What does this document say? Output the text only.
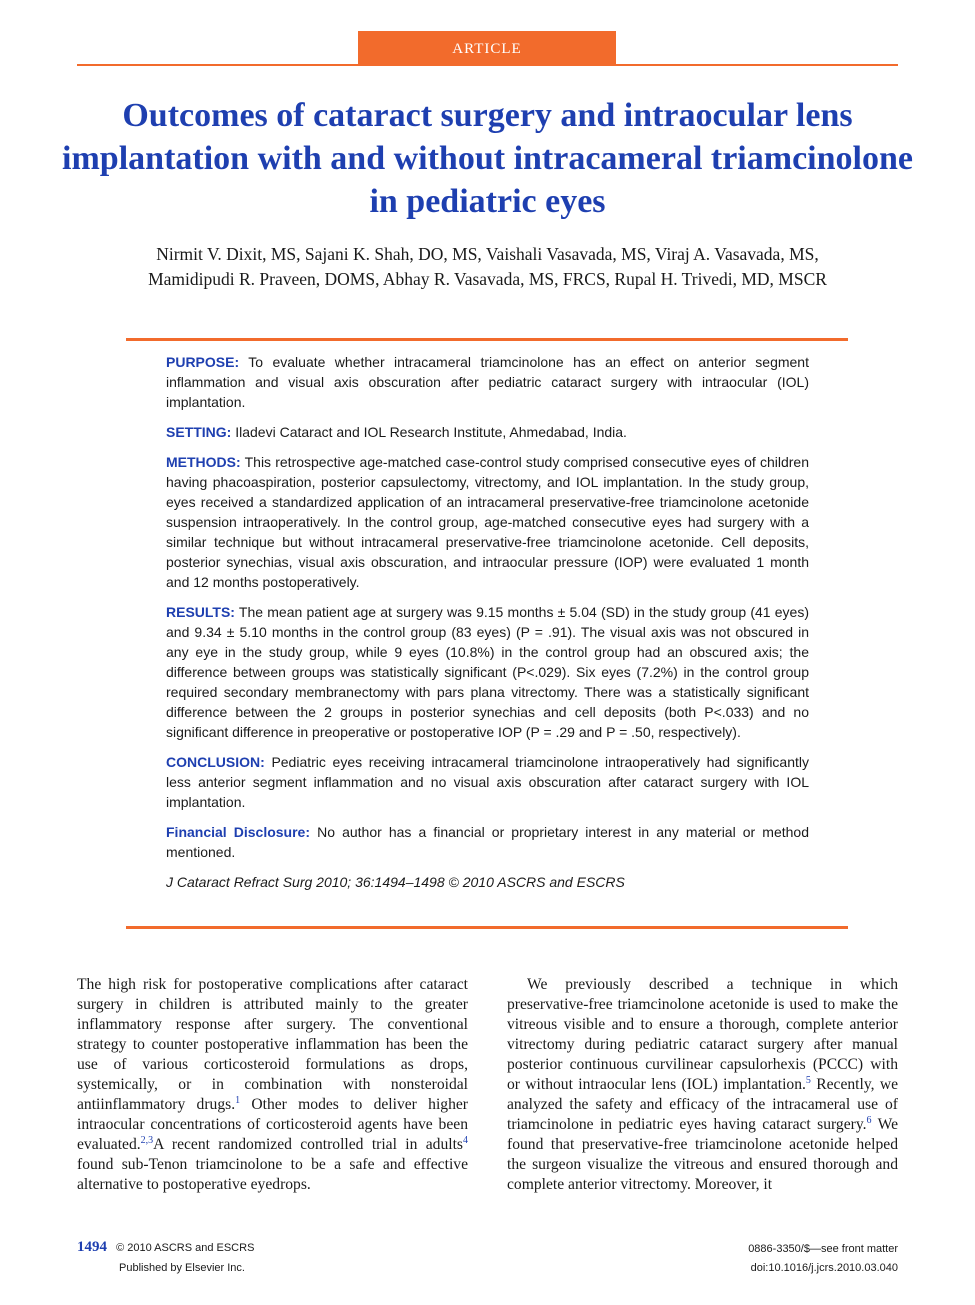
ARTICLE
Outcomes of cataract surgery and intraocular lens implantation with and without intracameral triamcinolone in pediatric eyes
Nirmit V. Dixit, MS, Sajani K. Shah, DO, MS, Vaishali Vasavada, MS, Viraj A. Vasavada, MS,
Mamidipudi R. Praveen, DOMS, Abhay R. Vasavada, MS, FRCS, Rupal H. Trivedi, MD, MSCR

PURPOSE: To evaluate whether intracameral triamcinolone has an effect on anterior segment inflammation and visual axis obscuration after pediatric cataract surgery with intraocular (IOL) implantation.

SETTING: Iladevi Cataract and IOL Research Institute, Ahmedabad, India.

METHODS: This retrospective age-matched case-control study comprised consecutive eyes of children having phacoaspiration, posterior capsulectomy, vitrectomy, and IOL implantation. In the study group, eyes received a standardized application of an intracameral preservative-free triamcinolone acetonide suspension intraoperatively. In the control group, age-matched consecutive eyes had surgery with a similar technique but without intracameral preservative-free triamcinolone acetonide. Cell deposits, posterior synechias, visual axis obscuration, and intraocular pressure (IOP) were evaluated 1 month and 12 months postoperatively.

RESULTS: The mean patient age at surgery was 9.15 months ± 5.04 (SD) in the study group (41 eyes) and 9.34 ± 5.10 months in the control group (83 eyes) (P = .91). The visual axis was not obscured in any eye in the study group, while 9 eyes (10.8%) in the control group had an obscured axis; the difference between groups was statistically significant (P<.029). Six eyes (7.2%) in the control group required secondary membranectomy with pars plana vitrectomy. There was a statistically significant difference between the 2 groups in posterior synechias and cell deposits (both P<.033) and no significant difference in preoperative or postoperative IOP (P = .29 and P = .50, respectively).

CONCLUSION: Pediatric eyes receiving intracameral triamcinolone intraoperatively had significantly less anterior segment inflammation and no visual axis obscuration after cataract surgery with IOL implantation.

Financial Disclosure: No author has a financial or proprietary interest in any material or method mentioned.

J Cataract Refract Surg 2010; 36:1494–1498 © 2010 ASCRS and ESCRS

The high risk for postoperative complications after cataract surgery in children is attributed mainly to the greater inflammatory response after surgery. The conventional strategy to counter postoperative inflammation has been the use of various corticosteroid formulations as drops, systemically, or in combination with nonsteroidal antiinflammatory drugs.$^1$ Other modes to deliver higher intraocular concentrations of corticosteroid agents have been evaluated.$^{2,3}$A recent randomized controlled trial in adults$^4$ found sub-Tenon triamcinolone to be a safe and effective alternative to postoperative eyedrops.

We previously described a technique in which preservative-free triamcinolone acetonide is used to make the vitreous visible and to ensure a thorough, complete anterior vitrectomy during pediatric cataract surgery after manual posterior continuous curvilinear capsulorhexis (PCCC) with or without intraocular lens (IOL) implantation.$^5$ Recently, we analyzed the safety and efficacy of the intracameral use of triamcinolone in pediatric eyes having cataract surgery.$^6$ We found that preservative-free triamcinolone acetonide helped the surgeon visualize the vitreous and ensured thorough and complete anterior vitrectomy. Moreover, it

1494 © 2010 ASCRS and ESCRS
Published by Elsevier Inc.
0886-3350/$—see front matter
doi:10.1016/j.jcrs.2010.03.040
